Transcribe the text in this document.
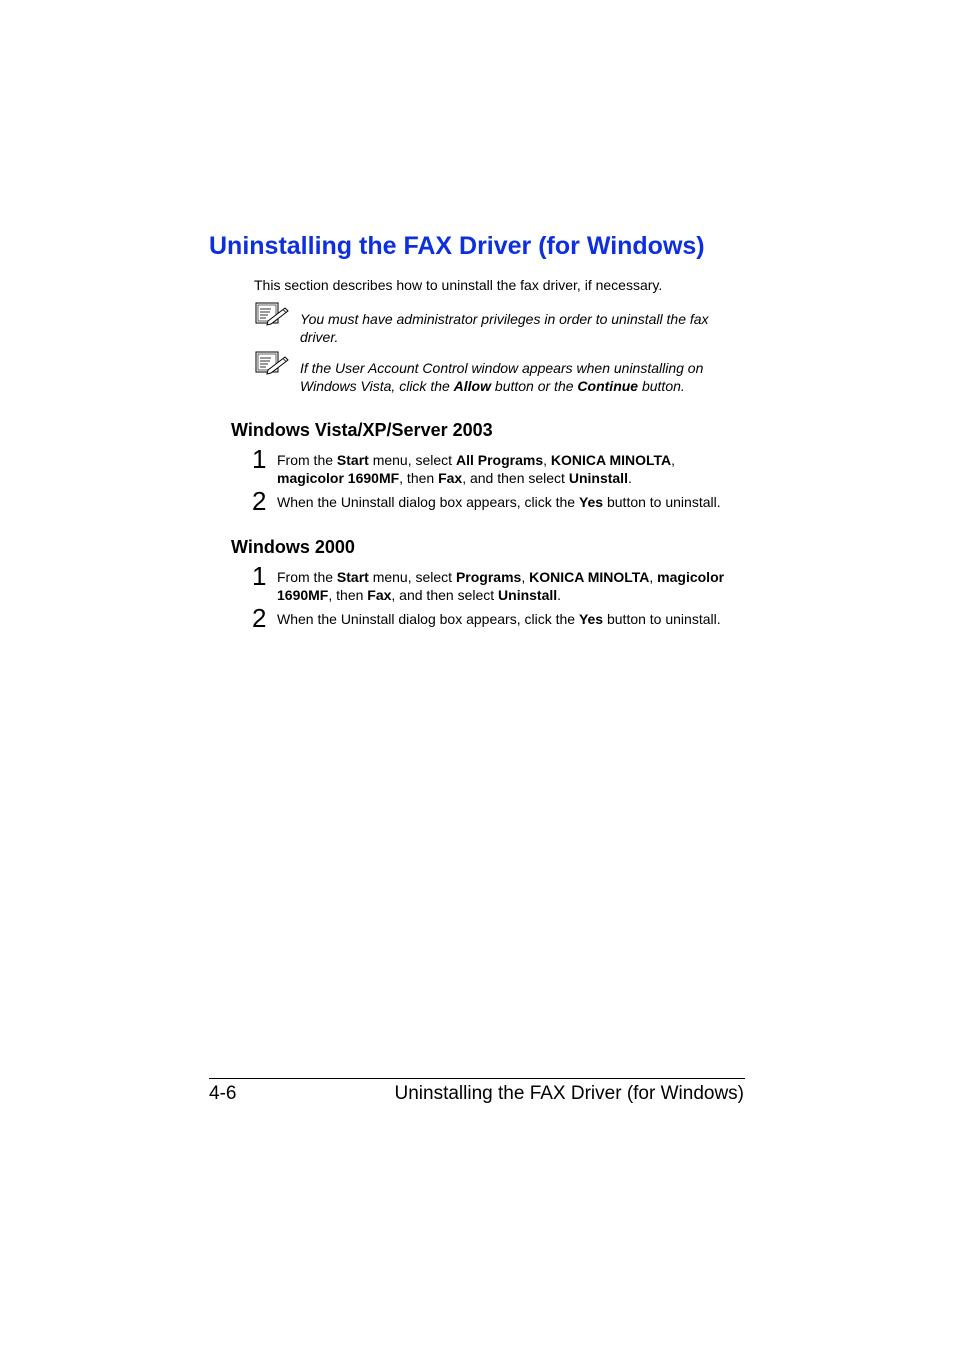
Uninstalling the FAX Driver (for Windows)
This section describes how to uninstall the fax driver, if necessary.
You must have administrator privileges in order to uninstall the fax driver.
If the User Account Control window appears when uninstalling on Windows Vista, click the Allow button or the Continue button.
Windows Vista/XP/Server 2003
1 From the Start menu, select All Programs, KONICA MINOLTA,
magicolor 1690MF, then Fax, and then select Uninstall.
2 When the Uninstall dialog box appears, click the Yes button to uninstall.
Windows 2000
1 From the Start menu, select Programs, KONICA MINOLTA, magicolor
1690MF, then Fax, and then select Uninstall.
2 When the Uninstall dialog box appears, click the Yes button to uninstall.
4-6	Uninstalling the FAX Driver (for Windows)
